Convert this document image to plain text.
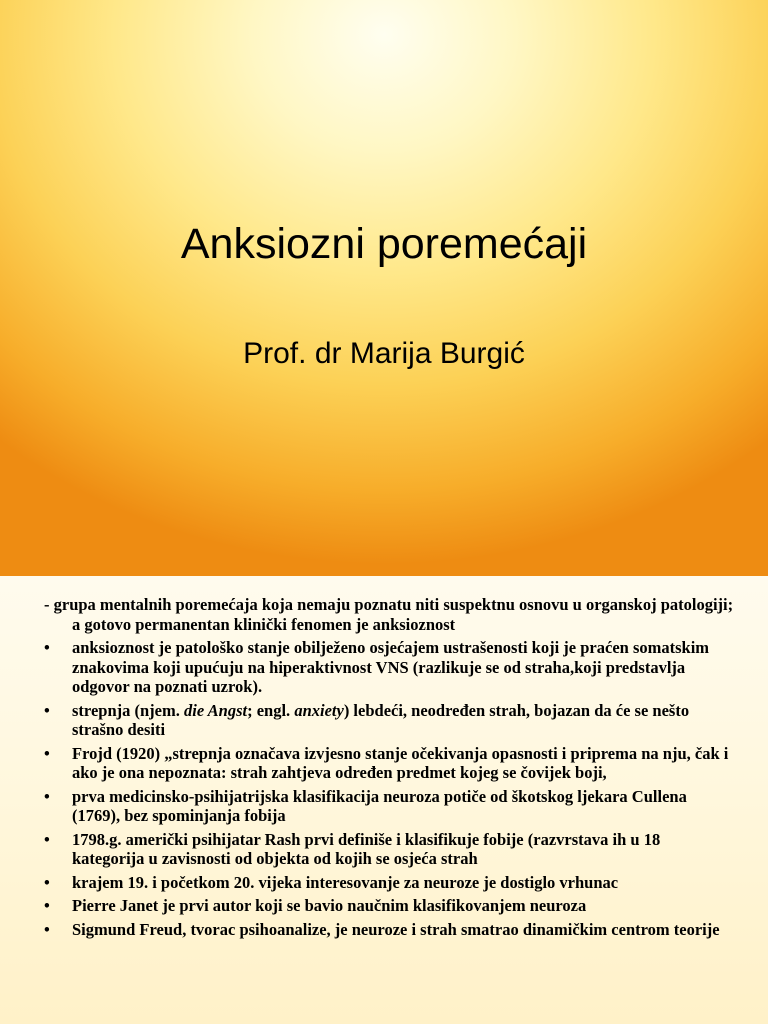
Anksiozni poremećaji
Prof. dr Marija Burgić

- grupa mentalnih poremećaja koja nemaju poznatu niti suspektnu osnovu u organskoj patologiji; a gotovo permanentan klinički fenomen je anksioznost

• anksioznost je patološko stanje obilježeno osjećajem ustrašenosti koji je praćen somatskim znakovima koji upućuju na hiperaktivnost VNS (razlikuje se od straha,koji predstavlja odgovor na poznati uzrok).
• strepnja (njem. die Angst; engl. anxiety) lebdeći, neodređen strah, bojazan da će se nešto strašno desiti
• Frojd (1920) „strepnja označava izvjesno stanje očekivanja opasnosti i priprema na nju, čak i ako je ona nepoznata: strah zahtjeva određen predmet kojeg se čovijek boji,
• prva medicinsko-psihijatrijska klasifikacija neuroza potiče od škotskog ljekara Cullena (1769), bez spominjanja fobija
• 1798.g. američki psihijatar Rash prvi definiše i klasifikuje fobije (razvrstava ih u 18 kategorija u zavisnosti od objekta od kojih se osjeća strah
• krajem 19. i početkom 20. vijeka interesovanje za neuroze je dostiglo vrhunac
• Pierre Janet je prvi autor koji se bavio naučnim klasifikovanjem neuroza
• Sigmund Freud, tvorac psihoanalize, je neuroze i strah smatrao dinamičkim centrom teorije
